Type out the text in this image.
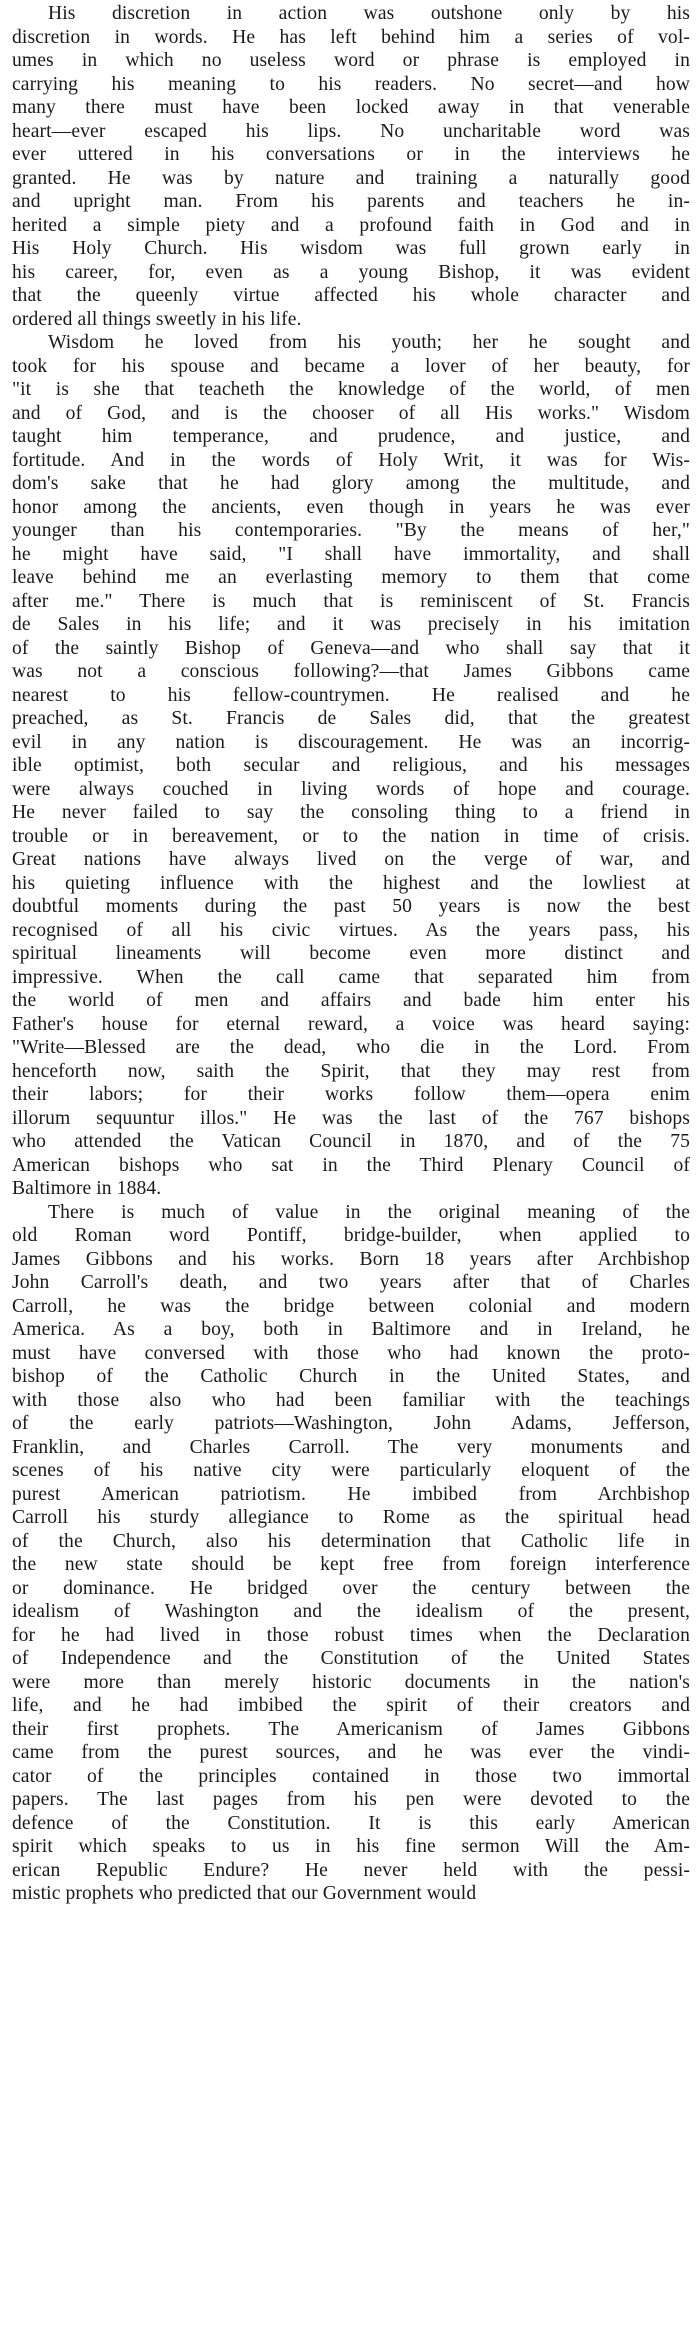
His discretion in action was outshone only by his
discretion in words. He has left behind him a series of vol-
umes in which no useless word or phrase is employed in
carrying his meaning to his readers. No secret—and how
many there must have been locked away in that venerable
heart—ever escaped his lips. No uncharitable word was
ever uttered in his conversations or in the interviews he
granted. He was by nature and training a naturally good
and upright man. From his parents and teachers he in-
herited a simple piety and a profound faith in God and in
His Holy Church. His wisdom was full grown early in
his career, for, even as a young Bishop, it was evident
that the queenly virtue affected his whole character and
ordered all things sweetly in his life.
Wisdom he loved from his youth; her he sought and
took for his spouse and became a lover of her beauty, for
"it is she that teacheth the knowledge of the world, of men
and of God, and is the chooser of all His works." Wisdom
taught him temperance, and prudence, and justice, and
fortitude. And in the words of Holy Writ, it was for Wis-
dom's sake that he had glory among the multitude, and
honor among the ancients, even though in years he was ever
younger than his contemporaries. "By the means of her,"
he might have said, "I shall have immortality, and shall
leave behind me an everlasting memory to them that come
after me." There is much that is reminiscent of St. Francis
de Sales in his life; and it was precisely in his imitation
of the saintly Bishop of Geneva—and who shall say that it
was not a conscious following?—that James Gibbons came
nearest to his fellow-countrymen. He realised and he
preached, as St. Francis de Sales did, that the greatest
evil in any nation is discouragement. He was an incorrig-
ible optimist, both secular and religious, and his messages
were always couched in living words of hope and courage.
He never failed to say the consoling thing to a friend in
trouble or in bereavement, or to the nation in time of crisis.
Great nations have always lived on the verge of war, and
his quieting influence with the highest and the lowliest at
doubtful moments during the past 50 years is now the best
recognised of all his civic virtues. As the years pass, his
spiritual lineaments will become even more distinct and
impressive. When the call came that separated him from
the world of men and affairs and bade him enter his
Father's house for eternal reward, a voice was heard saying:
"Write—Blessed are the dead, who die in the Lord. From
henceforth now, saith the Spirit, that they may rest from
their labors; for their works follow them—opera enim
illorum sequuntur illos." He was the last of the 767 bishops
who attended the Vatican Council in 1870, and of the 75
American bishops who sat in the Third Plenary Council of
Baltimore in 1884.
There is much of value in the original meaning of the
old Roman word Pontiff, bridge-builder, when applied to
James Gibbons and his works. Born 18 years after Archbishop
John Carroll's death, and two years after that of Charles
Carroll, he was the bridge between colonial and modern
America. As a boy, both in Baltimore and in Ireland, he
must have conversed with those who had known the proto-
bishop of the Catholic Church in the United States, and
with those also who had been familiar with the teachings
of the early patriots—Washington, John Adams, Jefferson,
Franklin, and Charles Carroll. The very monuments and
scenes of his native city were particularly eloquent of the
purest American patriotism. He imbibed from Archbishop
Carroll his sturdy allegiance to Rome as the spiritual head
of the Church, also his determination that Catholic life in
the new state should be kept free from foreign interference
or dominance. He bridged over the century between the
idealism of Washington and the idealism of the present,
for he had lived in those robust times when the Declaration
of Independence and the Constitution of the United States
were more than merely historic documents in the nation's
life, and he had imbibed the spirit of their creators and
their first prophets. The Americanism of James Gibbons
came from the purest sources, and he was ever the vindi-
cator of the principles contained in those two immortal
papers. The last pages from his pen were devoted to the
defence of the Constitution. It is this early American
spirit which speaks to us in his fine sermon Will the Am-
erican Republic Endure? He never held with the pessi-
mistic prophets who predicted that our Government would
